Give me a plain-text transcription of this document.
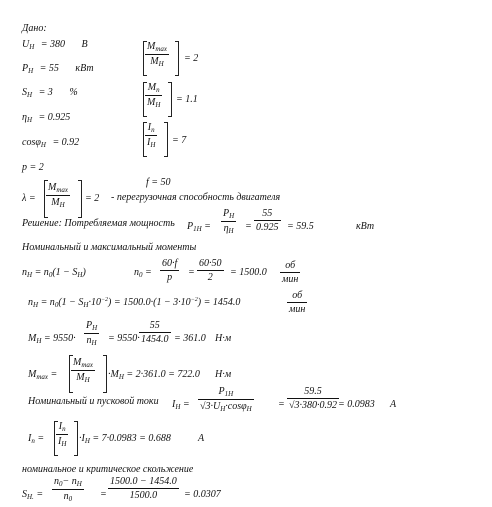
Дано:
$U_H = 380$ B
$P_H = 55$ кВт
$S_H = 3$ %
$\eta_H = 0.925$
cosφ$_H$ = 0.92
p = 2
$M_{max}$
$M_H$	= 2
$\frac{M_n}{M_H} = 1.1$
$\frac{I_n}{I_H} = 7$
f = 50
λ =
$M_{max}$
$M_H$
= 2 - перегрузочная способность двигателя
Решение: Потребляемая мощность $P_{1H} = \frac{P_H}{\eta_H} = \frac{55}{0.925} = 59.5$	кВт
Номинальный и максимальный моменты
$n_H = n_0(1 - S_H)$	$n_0 = \frac{60\cdot f}{p} = \frac{60\cdot 50}{2} = 1500.0$
об
мин
$n_H = n_0(1 - S_H\cdot 10^{-2}) = 1500.0\cdot(1 - 3\cdot 10^{-2}) = 1454.0$
об
мин
$M_H = 9550\cdot \frac{P_H}{n_H} = 9550\cdot \frac{55}{1454.0} = 361.0$ H·м
$M_{max}$ =
$M_{max}$
$M_H$	$\cdot M_H = 2\cdot 361.0 = 722.0$ H·м
Номинальный и пусковой токи $I_H = \frac{P_{1H}}{√3\cdot U_H\cdot\cos\varphi_H} = \frac{59.5}{√3\cdot 380\cdot 0.92} = 0.0983$ A
$I_n = \frac{I_n}{I_H} \cdot I_H = 7\cdot 0.0983 = 0.688$	A
номинальное и критическое скольжение
$S_{H.} = \frac{n_0- n_H}{n_0} = \frac{1500.0 - 1454.0}{1500.0} = 0.0307$
